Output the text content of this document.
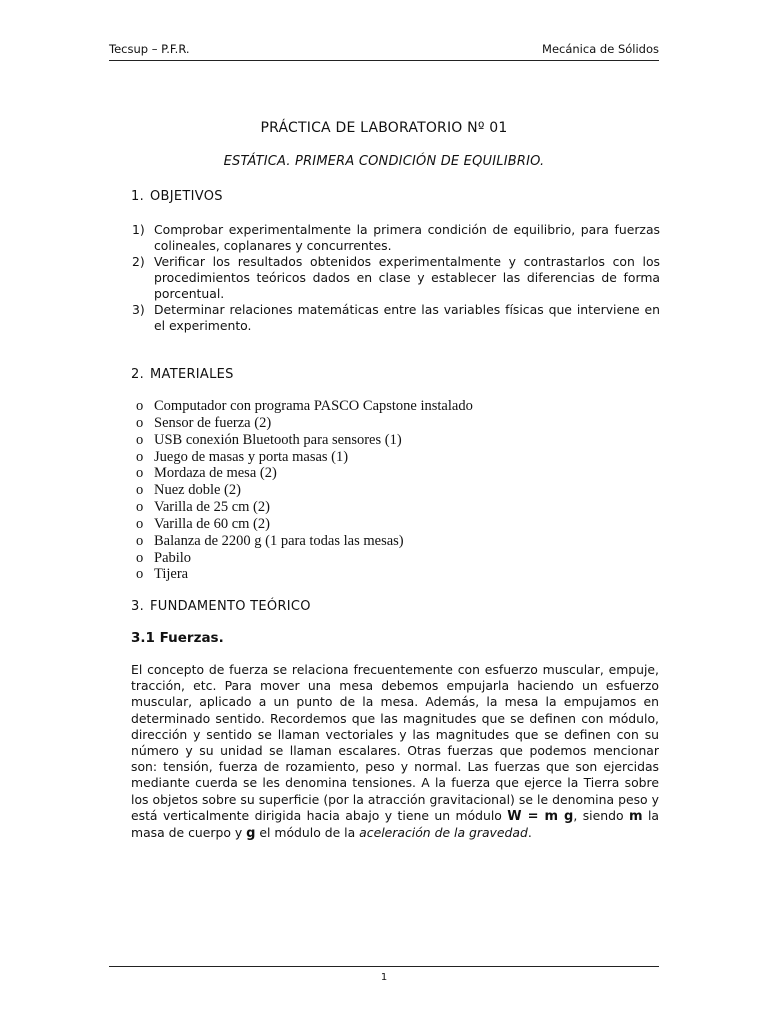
Tecsup – P.F.R.	Mecánica de Sólidos
PRÁCTICA DE LABORATORIO Nº 01
ESTÁTICA. PRIMERA CONDICIÓN DE EQUILIBRIO.
1. OBJETIVOS
1) Comprobar experimentalmente la primera condición de equilibrio, para fuerzas colineales, coplanares y concurrentes.
2) Verificar los resultados obtenidos experimentalmente y contrastarlos con los procedimientos teóricos dados en clase y establecer las diferencias de forma porcentual.
3) Determinar relaciones matemáticas entre las variables físicas que interviene en el experimento.
2. MATERIALES
o Computador con programa PASCO Capstone instalado
o Sensor de fuerza (2)
o USB conexión Bluetooth para sensores (1)
o Juego de masas y porta masas (1)
o Mordaza de mesa (2)
o Nuez doble (2)
o Varilla de 25 cm (2)
o Varilla de 60 cm (2)
o Balanza de 2200 g (1 para todas las mesas)
o Pabilo
o Tijera
3. FUNDAMENTO TEÓRICO
3.1 Fuerzas.

El concepto de fuerza se relaciona frecuentemente con esfuerzo muscular, empuje, tracción, etc. Para mover una mesa debemos empujarla haciendo un esfuerzo muscular, aplicado a un punto de la mesa. Además, la mesa la empujamos en determinado sentido. Recordemos que las magnitudes que se definen con módulo, dirección y sentido se llaman vectoriales y las magnitudes que se definen con su número y su unidad se llaman escalares. Otras fuerzas que podemos mencionar son: tensión, fuerza de rozamiento, peso y normal. Las fuerzas que son ejercidas mediante cuerda se les denomina tensiones. A la fuerza que ejerce la Tierra sobre los objetos sobre su superficie (por la atracción gravitacional) se le denomina peso y está verticalmente dirigida hacia abajo y tiene un módulo W = m g, siendo m la masa de cuerpo y g el módulo de la aceleración de la gravedad.

1
